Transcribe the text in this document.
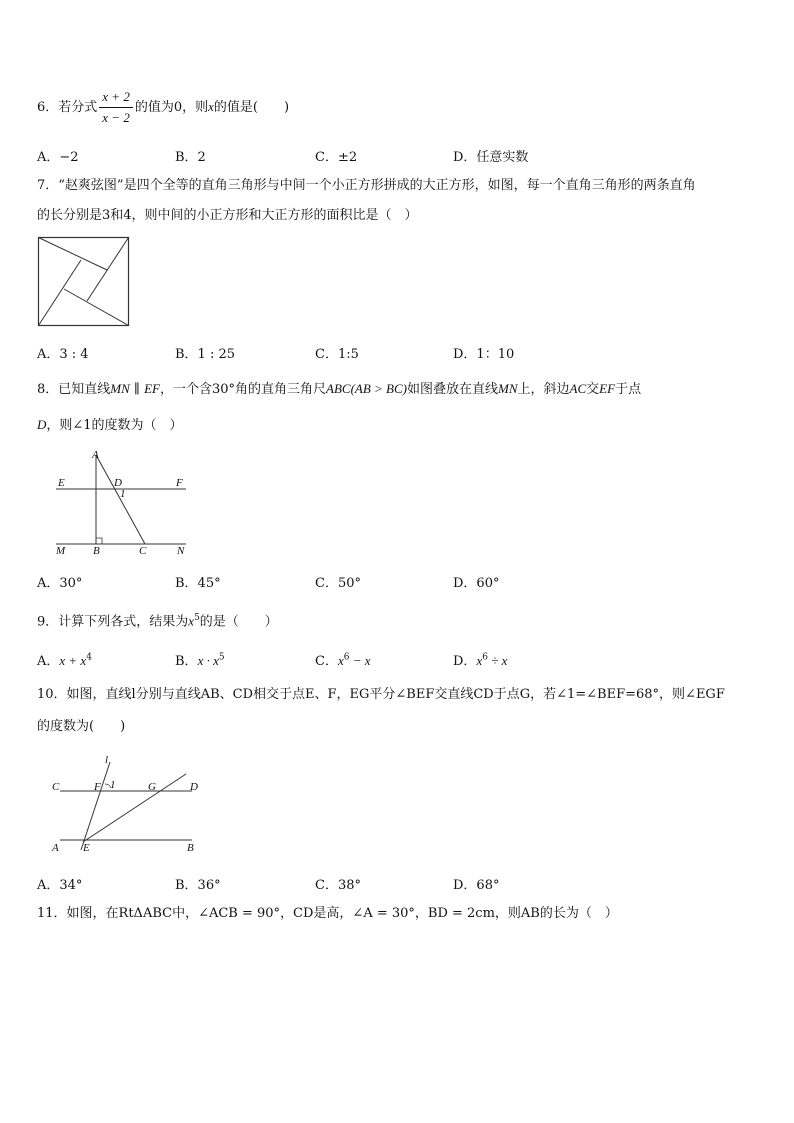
6．若分式 $\frac{x + 2}{x - 2}$ 的值为0，则x的值是(　　)
A．−2	B．2	C．±2	D．任意实数
7．“赵爽弦图”是四个全等的直角三角形与中间一个小正方形拼成的大正方形，如图，每一个直角三角形的两条直角
的长分别是3和4，则中间的小正方形和大正方形的面积比是（　）
A．3 : 4	B．1 : 25	C．1:5	D．1：10
8．已知直线MN ∥ EF，一个含30°角的直角三角尺ABC(AB > BC)如图叠放在直线MN上，斜边AC交EF于点
D，则∠1的度数为（　）
A
D
1
E	F
M	B	C	N
A．30°	B．45°	C．50°	D．60°
9．计算下列各式，结果为$x^5$的是（　　）
A．$x + x^4$	B．$x \cdot x^5$	C．$x^6 - x$	D．$x^6 \div x$
10．如图，直线l分别与直线AB、CD相交于点E、F，EG平分∠BEF交直线CD于点G，若∠1=∠BEF=68°，则∠EGF
的度数为(　　)
l
C	F 1	G	D
A E	B
A．34°	B．36°	C．38°	D．68°
11．如图，在RtΔABC中，∠ACB = 90°，CD是高，∠A = 30°，BD = 2cm，则AB的长为（　）
